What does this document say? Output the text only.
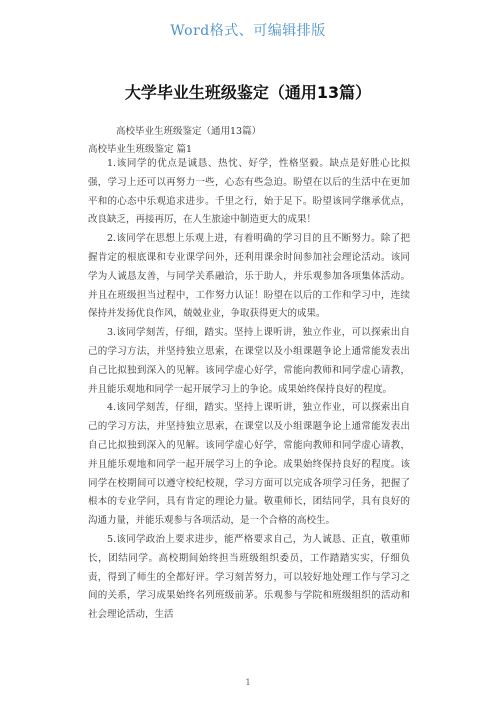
Word格式、可编辑排版
大学毕业生班级鉴定（通用13篇）
高校毕业生班级鉴定（通用13篇）
高校毕业生班级鉴定 篇1

1.该同学的优点是诚恳、热忱、好学，性格坚毅。缺点是好胜心比拟强，学习上还可以再努力一些，心态有些急迫。盼望在以后的生活中在更加平和的心态中乐观追求进步。千里之行，始于足下。盼望该同学继承优点，改良缺乏，再接再厉，在人生旅途中制造更大的成果！

2.该同学在思想上乐观上进，有着明确的学习目的且不断努力。除了把握肯定的根底课和专业课学问外，还利用课余时间参加社会理论活动。该同学为人诚恳友善，与同学关系融洽，乐于助人，并乐观参加各项集体活动。并且在班级担当过程中，工作努力认证！盼望在以后的工作和学习中，连续保持并发扬优良作风，兢兢业业，争取获得更大的成果。

3.该同学刻苦，仔细，踏实。坚持上课听讲，独立作业，可以探索出自己的学习方法，并坚持独立思索，在课堂以及小组课题争论上通常能发表出自己比拟独到深入的见解。该同学虚心好学，常能向教师和同学虚心请教，并且能乐观地和同学一起开展学习上的争论。成果始终保持良好的程度。

4.该同学刻苦，仔细，踏实。坚持上课听讲，独立作业，可以探索出自己的学习方法，并坚持独立思索，在课堂以及小组课题争论上通常能发表出自己比拟独到深入的见解。该同学虚心好学，常能向教师和同学虚心请教，并且能乐观地和同学一起开展学习上的争论。成果始终保持良好的程度。该同学在校期间可以遵守校纪校规，学习方面可以完成各项学习任务，把握了根本的专业学问，具有肯定的理论力量。敬重师长，团结同学，具有良好的沟通力量，并能乐观参与各项活动，是一个合格的高校生。

5.该同学政治上要求进步，能严格要求自己，为人诚恳、正直，敬重师长，团结同学。高校期间始终担当班级组织委员，工作踏踏实实，仔细负责，得到了师生的全都好评。学习刻苦努力，可以较好地处理工作与学习之间的关系，学习成果始终名列班级前茅。乐观参与学院和班级组织的活动和社会理论活动，生活

1
